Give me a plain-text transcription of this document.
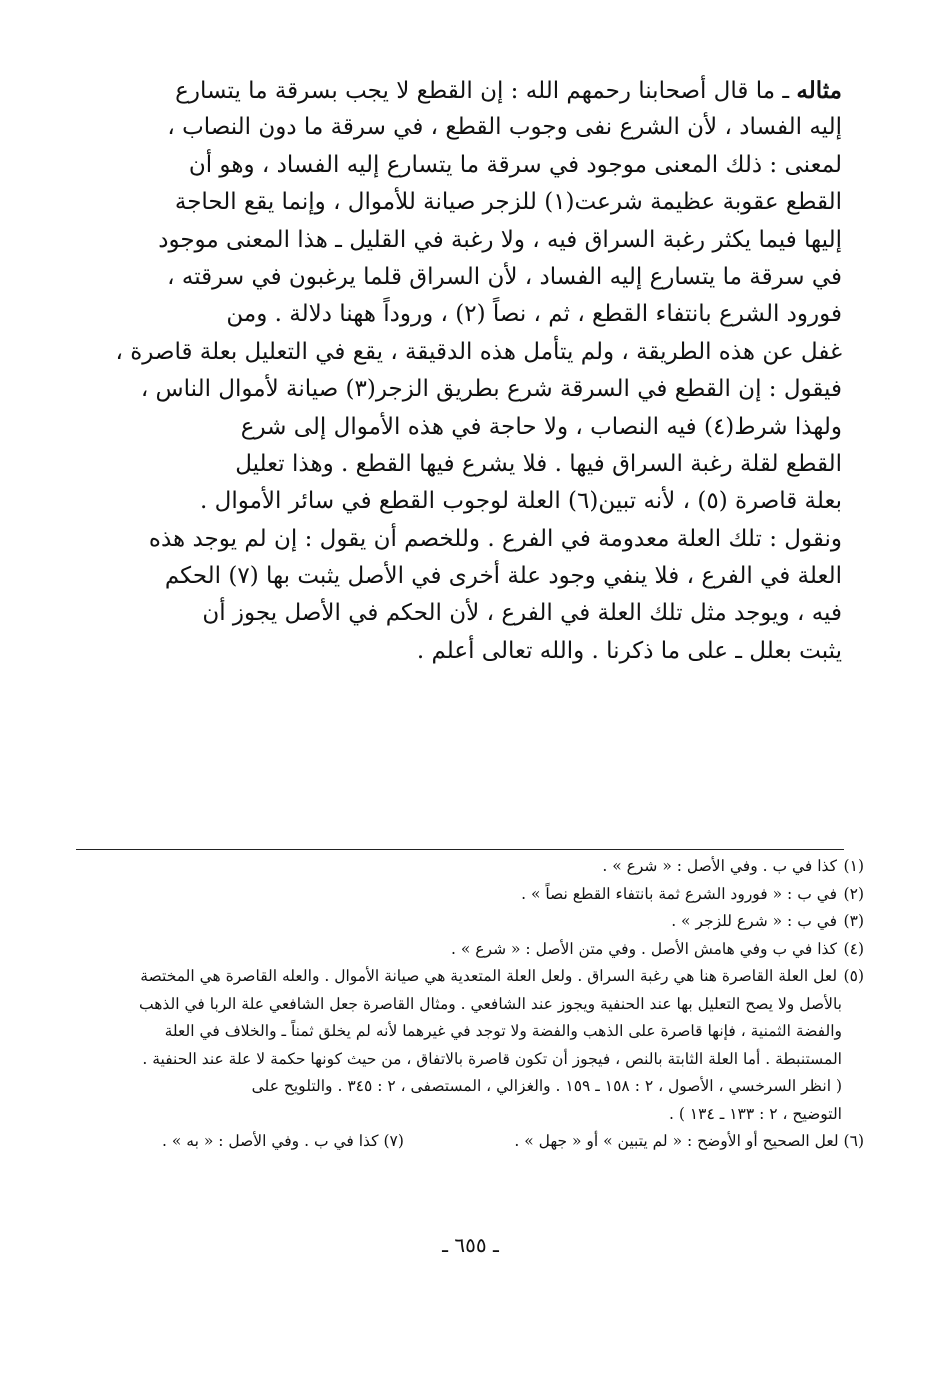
مثاله ـ ما قال أصحابنا رحمهم الله : إن القطع لا يجب بسرقة ما يتسارع
إليه الفساد ، لأن الشرع نفى وجوب القطع ، في سرقة ما دون النصاب ،
لمعنى : ذلك المعنى موجود في سرقة ما يتسارع إليه الفساد ، وهو أن
القطع عقوبة عظيمة شرعت(١) للزجر صيانة للأموال ، وإنما يقع الحاجة
إليها فيما يكثر رغبة السراق فيه ، ولا رغبة في القليل ـ هذا المعنى موجود
في سرقة ما يتسارع إليه الفساد ، لأن السراق قلما يرغبون في سرقته ،
فورود الشرع بانتفاء القطع ، ثم ، نصاً (٢) ، وروداً ههنا دلالة . ومن
غفل عن هذه الطريقة ، ولم يتأمل هذه الدقيقة ، يقع في التعليل بعلة قاصرة ،
فيقول : إن القطع في السرقة شرع بطريق الزجر(٣) صيانة لأموال الناس ،
ولهذا شرط(٤) فيه النصاب ، ولا حاجة في هذه الأموال إلى شرع
القطع لقلة رغبة السراق فيها . فلا يشرع فيها القطع . وهذا تعليل
بعلة قاصرة (٥) ، لأنه تبين(٦) العلة لوجوب القطع في سائر الأموال .
ونقول : تلك العلة معدومة في الفرع . وللخصم أن يقول : إن لم يوجد هذه
العلة في الفرع ، فلا ينفي وجود علة أخرى في الأصل يثبت بها (٧) الحكم
فيه ، ويوجد مثل تلك العلة في الفرع ، لأن الحكم في الأصل يجوز أن
يثبت بعلل ـ على ما ذكرنا . والله تعالى أعلم .
(١) كذا في ب . وفي الأصل : « شرع » .
(٢) في ب : « فورود الشرع ثمة بانتفاء القطع نصاً » .
(٣) في ب : « شرع للزجر » .
(٤) كذا في ب وفي هامش الأصل . وفي متن الأصل : « شرع » .
(٥) لعل العلة القاصرة هنا هي رغبة السراق . ولعل العلة المتعدية هي صيانة الأموال . والعله القاصرة هي المختصة
بالأصل ولا يصح التعليل بها عند الحنفية ويجوز عند الشافعي . ومثال القاصرة جعل الشافعي علة الربا في الذهب
والفضة الثمنية ، فإنها قاصرة على الذهب والفضة ولا توجد في غيرهما لأنه لم يخلق ثمناً ـ والخلاف في العلة
المستنبطة . أما العلة الثابتة بالنص ، فيجوز أن تكون قاصرة بالاتفاق ، من حيث كونها حكمة لا علة عند الحنفية .
( انظر السرخسي ، الأصول ، ٢ : ١٥٨ ـ ١٥٩ . والغزالي ، المستصفى ، ٢ : ٣٤٥ . والتلويح على
التوضيح ، ٢ : ١٣٣ ـ ١٣٤ ) .
(٦) لعل الصحيح أو الأوضح : « لم يتبين » أو « جهل » .
(٧) كذا في ب . وفي الأصل : « به » .
ـ ٦٥٥ ـ
